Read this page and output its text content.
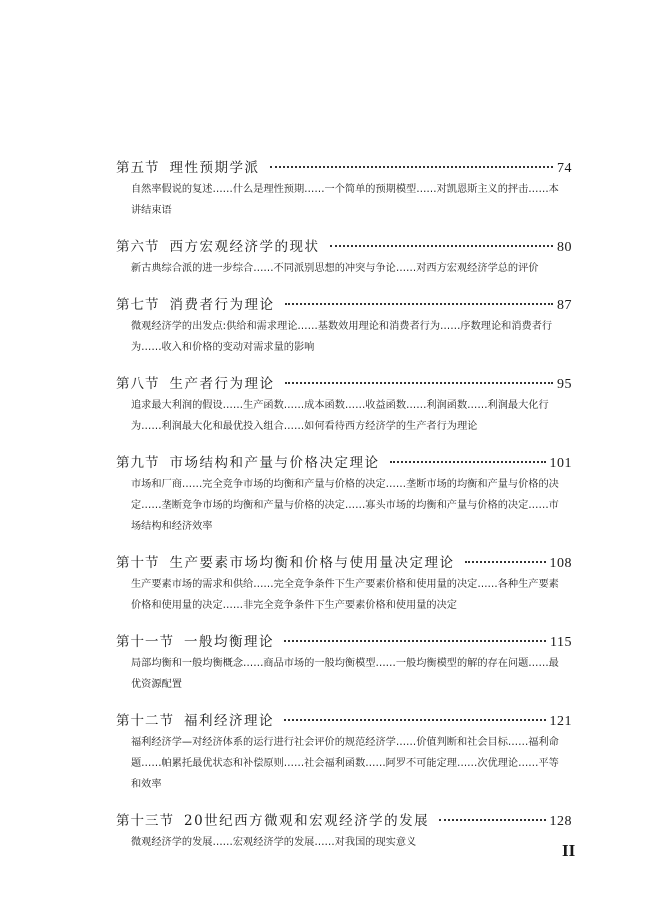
第五节 理性预期学派	74
自然率假说的复述……什么是理性预期……一个简单的预期模型……对凯恩斯主义的抨击……本讲结束语
第六节 西方宏观经济学的现状	80
新古典综合派的进一步综合……不同派别思想的冲突与争论……对西方宏观经济学总的评价
第七节 消费者行为理论	87
微观经济学的出发点:供给和需求理论……基数效用理论和消费者行为……序数理论和消费者行为……收入和价格的变动对需求量的影响
第八节 生产者行为理论	95
追求最大利润的假设……生产函数……成本函数……收益函数……利润函数……利润最大化行为……利润最大化和最优投入组合……如何看待西方经济学的生产者行为理论
第九节 市场结构和产量与价格决定理论	101
市场和厂商……完全竞争市场的均衡和产量与价格的决定……垄断市场的均衡和产量与价格的决定……垄断竞争市场的均衡和产量与价格的决定……寡头市场的均衡和产量与价格的决定……市场结构和经济效率
第十节 生产要素市场均衡和价格与使用量决定理论	108
生产要素市场的需求和供给……完全竞争条件下生产要素价格和使用量的决定……各种生产要素价格和使用量的决定……非完全竞争条件下生产要素价格和使用量的决定
第十一节 一般均衡理论	115
局部均衡和一般均衡概念……商品市场的一般均衡模型……一般均衡模型的解的存在问题……最优资源配置
第十二节 福利经济理论	121
福利经济学—对经济体系的运行进行社会评价的规范经济学……价值判断和社会目标……福利命题……帕累托最优状态和补偿原则……社会福利函数……阿罗不可能定理……次优理论……平等和效率
第十三节 20世纪西方微观和宏观经济学的发展	128
微观经济学的发展……宏观经济学的发展……对我国的现实意义	II
